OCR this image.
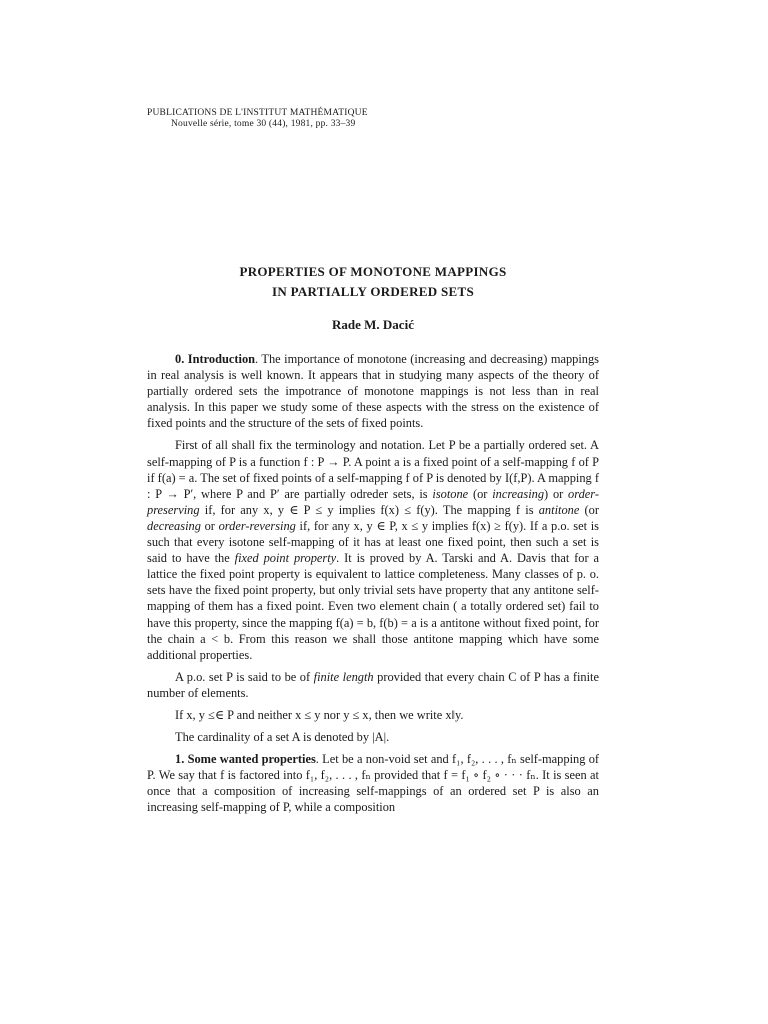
PUBLICATIONS DE L'INSTITUT MATHÉMATIQUE
Nouvelle série, tome 30 (44), 1981, pp. 33–39
PROPERTIES OF MONOTONE MAPPINGS
IN PARTIALLY ORDERED SETS
Rade M. Dacić

0. Introduction. The importance of monotone (increasing and decreasing) mappings in real analysis is well known. It appears that in studying many aspects of the theory of partially ordered sets the impotrance of monotone mappings is not less than in real analysis. In this paper we study some of these aspects with the stress on the existence of fixed points and the structure of the sets of fixed points.

First of all shall fix the terminology and notation. Let P be a partially ordered set. A self-mapping of P is a function f : P → P. A point a is a fixed point of a self-mapping f of P if f(a) = a. The set of fixed points of a self-mapping f of P is denoted by I(f,P). A mapping f : P → P′, where P and P′ are partially odreder sets, is isotone (or increasing) or order-preserving if, for any x, y ∈ P ≤ y implies f(x) ≤ f(y). The mapping f is antitone (or decreasing or order-reversing if, for any x, y ∈ P, x ≤ y implies f(x) ≥ f(y). If a p.o. set is such that every isotone self-mapping of it has at least one fixed point, then such a set is said to have the fixed point property. It is proved by A. Tarski and A. Davis that for a lattice the fixed point property is equivalent to lattice completeness. Many classes of p. o. sets have the fixed point property, but only trivial sets have property that any antitone self-mapping of them has a fixed point. Even two element chain ( a totally ordered set) fail to have this property, since the mapping f(a) = b, f(b) = a is a antitone without fixed point, for the chain a < b. From this reason we shall those antitone mapping which have some additional properties.

A p.o. set P is said to be of finite length provided that every chain C of P has a finite number of elements.

If x, y ≤∈ P and neither x ≤ y nor y ≤ x, then we write x‖y.

The cardinality of a set A is denoted by |A|.

1. Some wanted properties. Let be a non-void set and f₁, f₂, . . . , fₙ self-mapping of P. We say that f is factored into f₁, f₂, . . . , fₙ provided that f = f₁ ∘ f₂ ∘ · · · fₙ. It is seen at once that a composition of increasing self-mappings of an ordered set P is also an increasing self-mapping of P, while a composition
